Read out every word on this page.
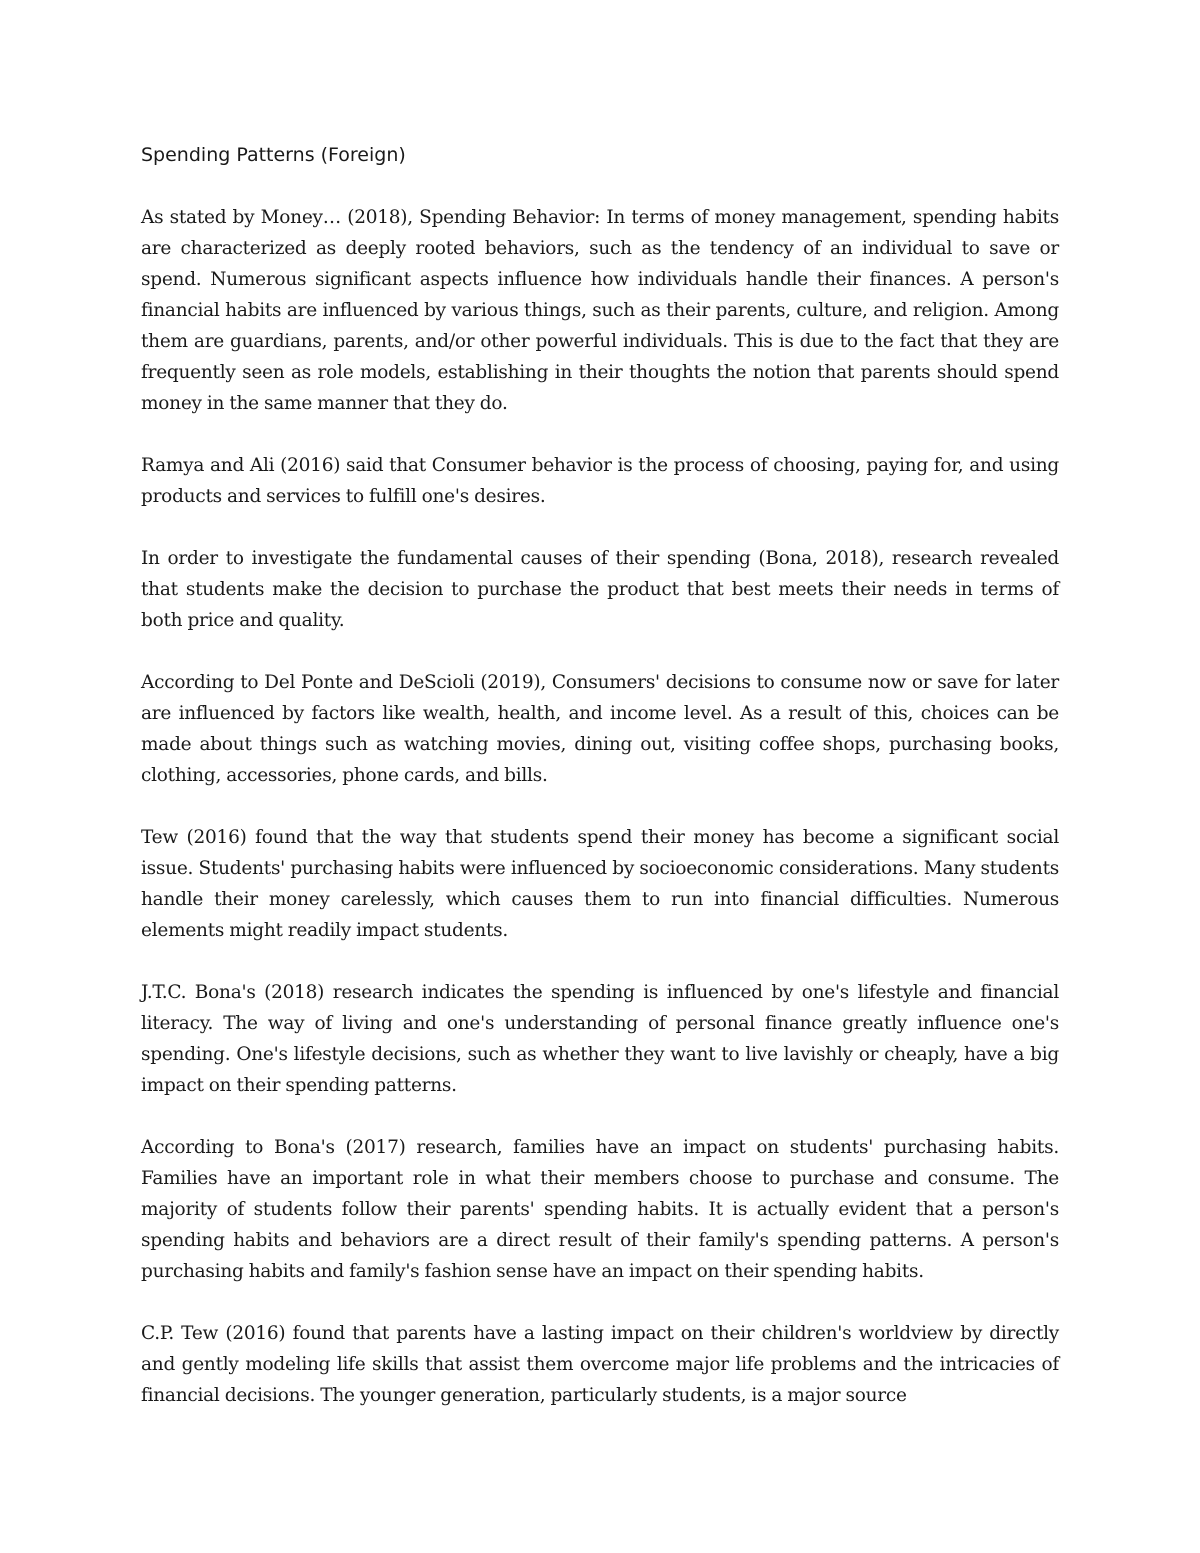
Spending Patterns (Foreign)

As stated by Money… (2018), Spending Behavior: In terms of money management, spending habits are characterized as deeply rooted behaviors, such as the tendency of an individual to save or spend. Numerous significant aspects influence how individuals handle their finances. A person's financial habits are influenced by various things, such as their parents, culture, and religion. Among them are guardians, parents, and/or other powerful individuals. This is due to the fact that they are frequently seen as role models, establishing in their thoughts the notion that parents should spend money in the same manner that they do.

Ramya and Ali (2016) said that Consumer behavior is the process of choosing, paying for, and using products and services to fulfill one's desires.

In order to investigate the fundamental causes of their spending (Bona, 2018), research revealed that students make the decision to purchase the product that best meets their needs in terms of both price and quality.

According to Del Ponte and DeScioli (2019), Consumers' decisions to consume now or save for later are influenced by factors like wealth, health, and income level. As a result of this, choices can be made about things such as watching movies, dining out, visiting coffee shops, purchasing books, clothing, accessories, phone cards, and bills.

Tew (2016) found that the way that students spend their money has become a significant social issue. Students' purchasing habits were influenced by socioeconomic considerations. Many students handle their money carelessly, which causes them to run into financial difficulties. Numerous elements might readily impact students.

J.T.C. Bona's (2018) research indicates the spending is influenced by one's lifestyle and financial literacy. The way of living and one's understanding of personal finance greatly influence one's spending. One's lifestyle decisions, such as whether they want to live lavishly or cheaply, have a big impact on their spending patterns.

According to Bona's (2017) research, families have an impact on students' purchasing habits. Families have an important role in what their members choose to purchase and consume. The majority of students follow their parents' spending habits. It is actually evident that a person's spending habits and behaviors are a direct result of their family's spending patterns. A person's purchasing habits and family's fashion sense have an impact on their spending habits.

C.P. Tew (2016) found that parents have a lasting impact on their children's worldview by directly and gently modeling life skills that assist them overcome major life problems and the intricacies of financial decisions. The younger generation, particularly students, is a major source
